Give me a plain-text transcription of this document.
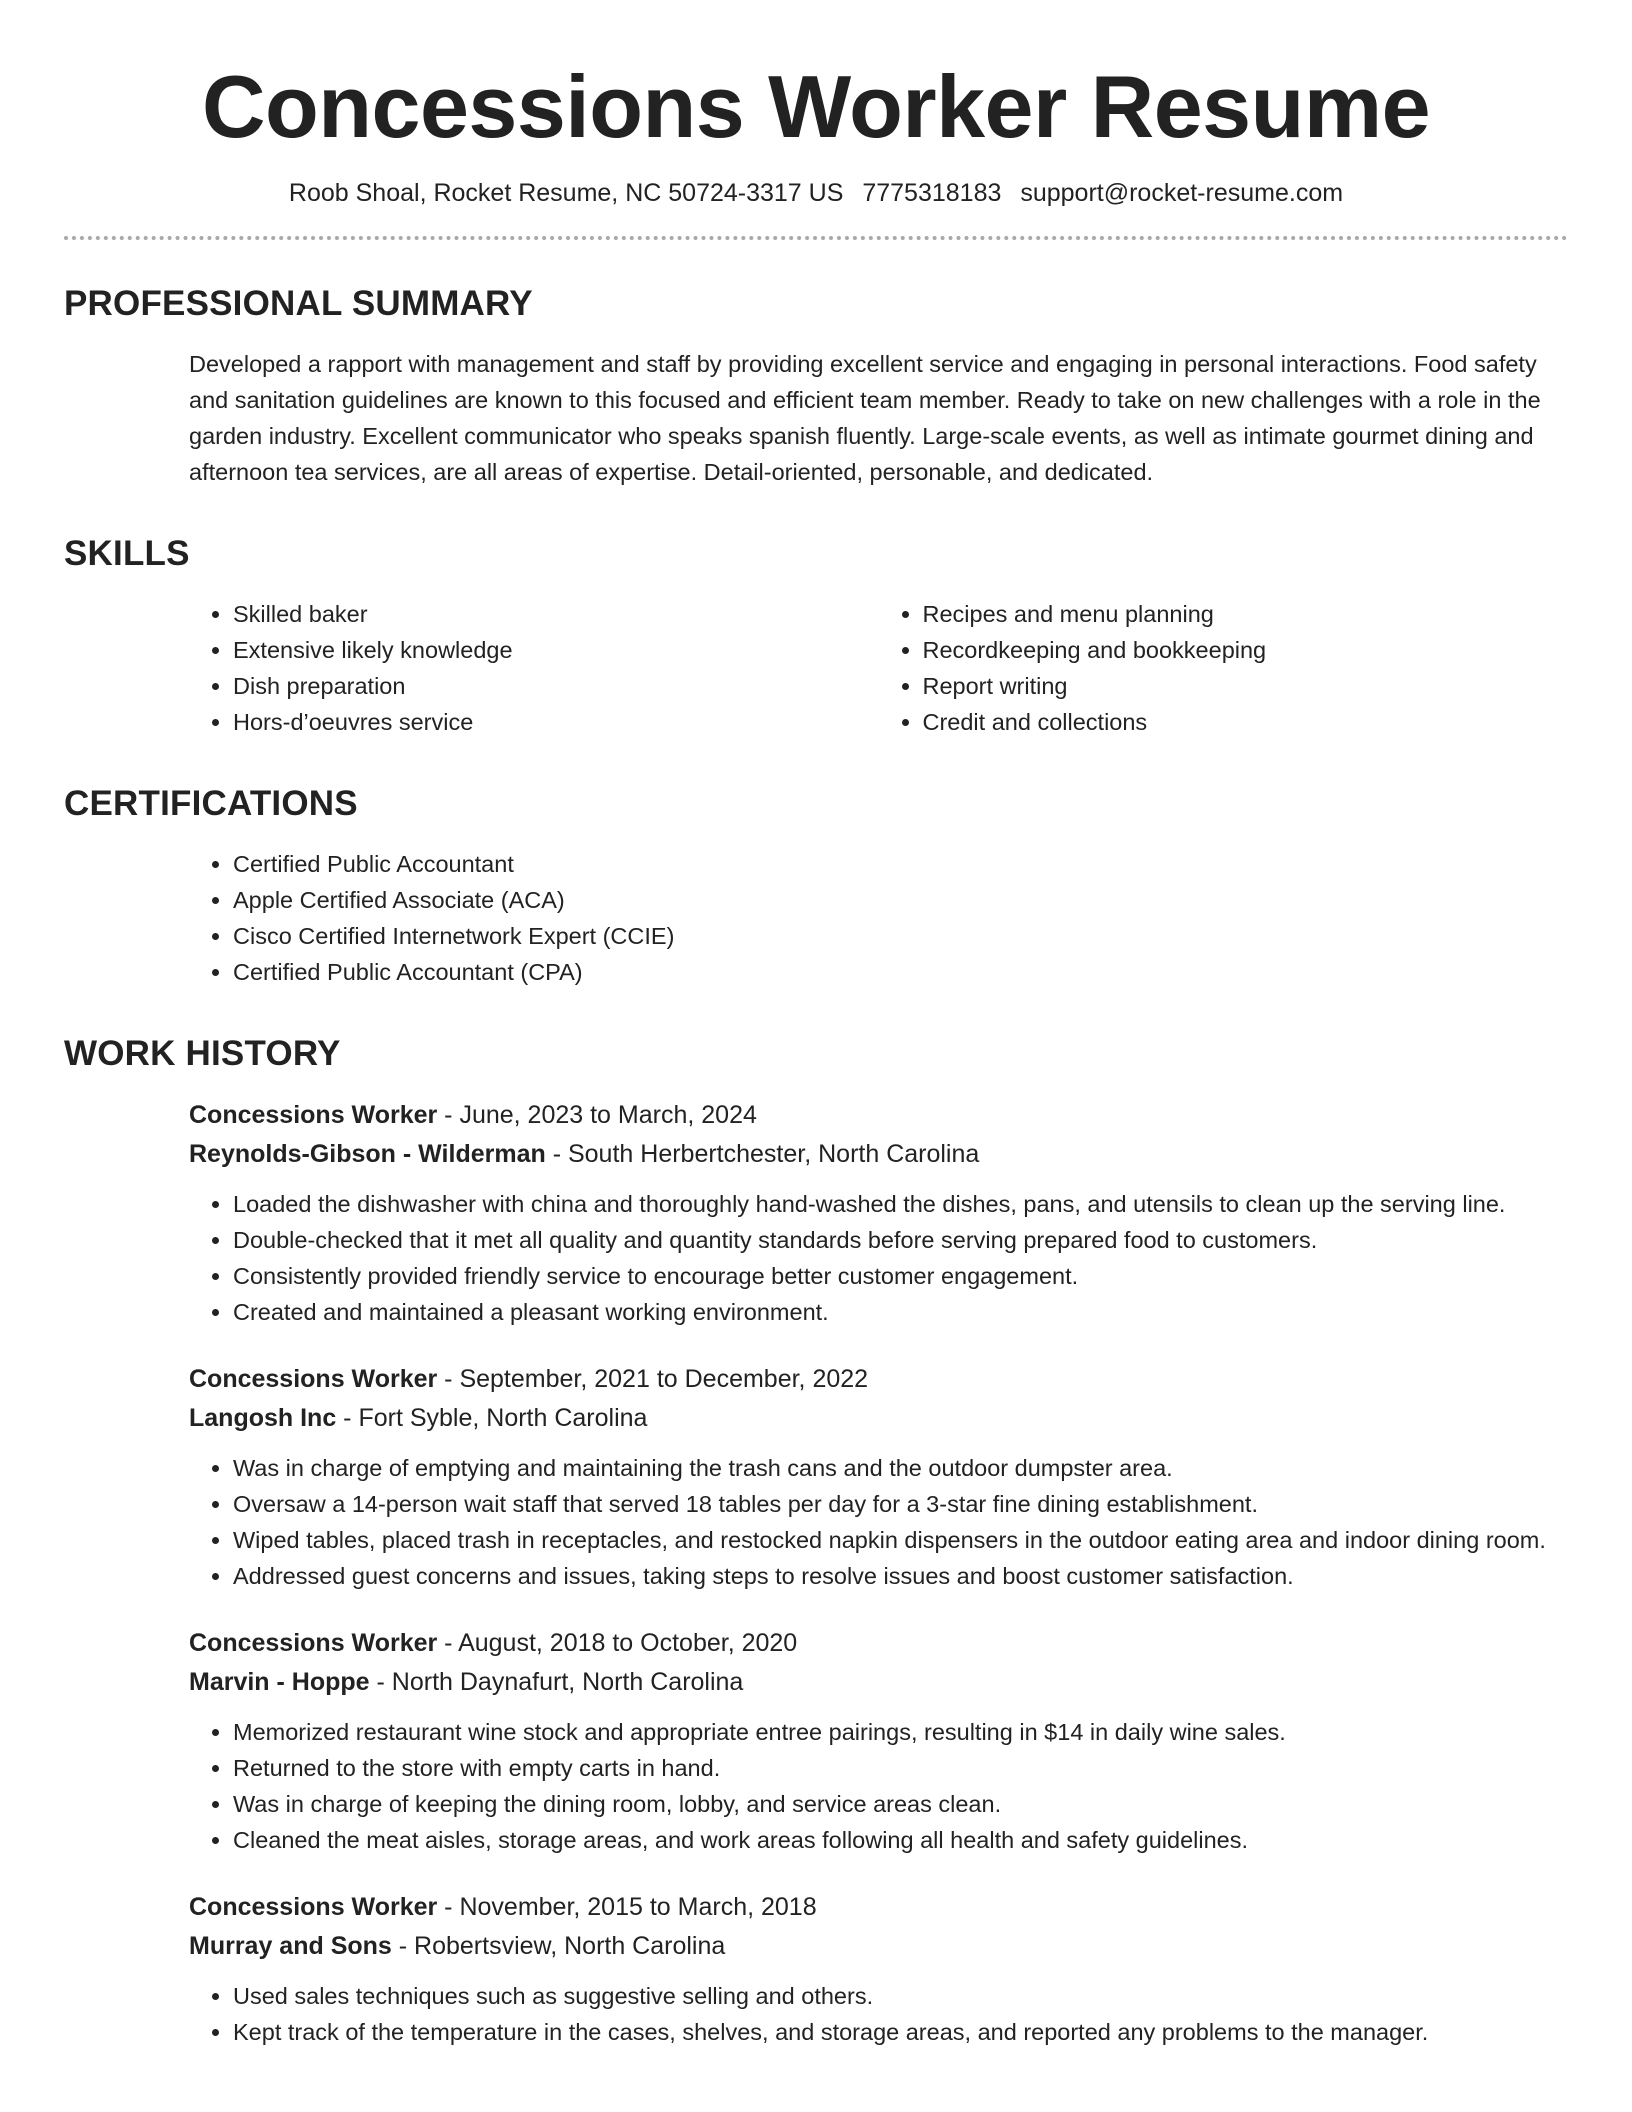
Concessions Worker Resume
Roob Shoal, Rocket Resume, NC 50724-3317 US 7775318183 support@rocket-resume.com
PROFESSIONAL SUMMARY
Developed a rapport with management and staff by providing excellent service and engaging in personal interactions. Food safety and sanitation guidelines are known to this focused and efficient team member. Ready to take on new challenges with a role in the garden industry. Excellent communicator who speaks spanish fluently. Large-scale events, as well as intimate gourmet dining and afternoon tea services, are all areas of expertise. Detail-oriented, personable, and dedicated.
SKILLS
• Skilled baker
• Extensive likely knowledge
• Dish preparation
• Hors-d’oeuvres service
• Recipes and menu planning
• Recordkeeping and bookkeeping
• Report writing
• Credit and collections
CERTIFICATIONS
• Certified Public Accountant
• Apple Certified Associate (ACA)
• Cisco Certified Internetwork Expert (CCIE)
• Certified Public Accountant (CPA)
WORK HISTORY
Concessions Worker - June, 2023 to March, 2024
Reynolds-Gibson - Wilderman - South Herbertchester, North Carolina
• Loaded the dishwasher with china and thoroughly hand-washed the dishes, pans, and utensils to clean up the serving line.
• Double-checked that it met all quality and quantity standards before serving prepared food to customers.
• Consistently provided friendly service to encourage better customer engagement.
• Created and maintained a pleasant working environment.
Concessions Worker - September, 2021 to December, 2022
Langosh Inc - Fort Syble, North Carolina
• Was in charge of emptying and maintaining the trash cans and the outdoor dumpster area.
• Oversaw a 14-person wait staff that served 18 tables per day for a 3-star fine dining establishment.
• Wiped tables, placed trash in receptacles, and restocked napkin dispensers in the outdoor eating area and indoor dining room.
• Addressed guest concerns and issues, taking steps to resolve issues and boost customer satisfaction.
Concessions Worker - August, 2018 to October, 2020
Marvin - Hoppe - North Daynafurt, North Carolina
• Memorized restaurant wine stock and appropriate entree pairings, resulting in $14 in daily wine sales.
• Returned to the store with empty carts in hand.
• Was in charge of keeping the dining room, lobby, and service areas clean.
• Cleaned the meat aisles, storage areas, and work areas following all health and safety guidelines.
Concessions Worker - November, 2015 to March, 2018
Murray and Sons - Robertsview, North Carolina
• Used sales techniques such as suggestive selling and others.
• Kept track of the temperature in the cases, shelves, and storage areas, and reported any problems to the manager.
